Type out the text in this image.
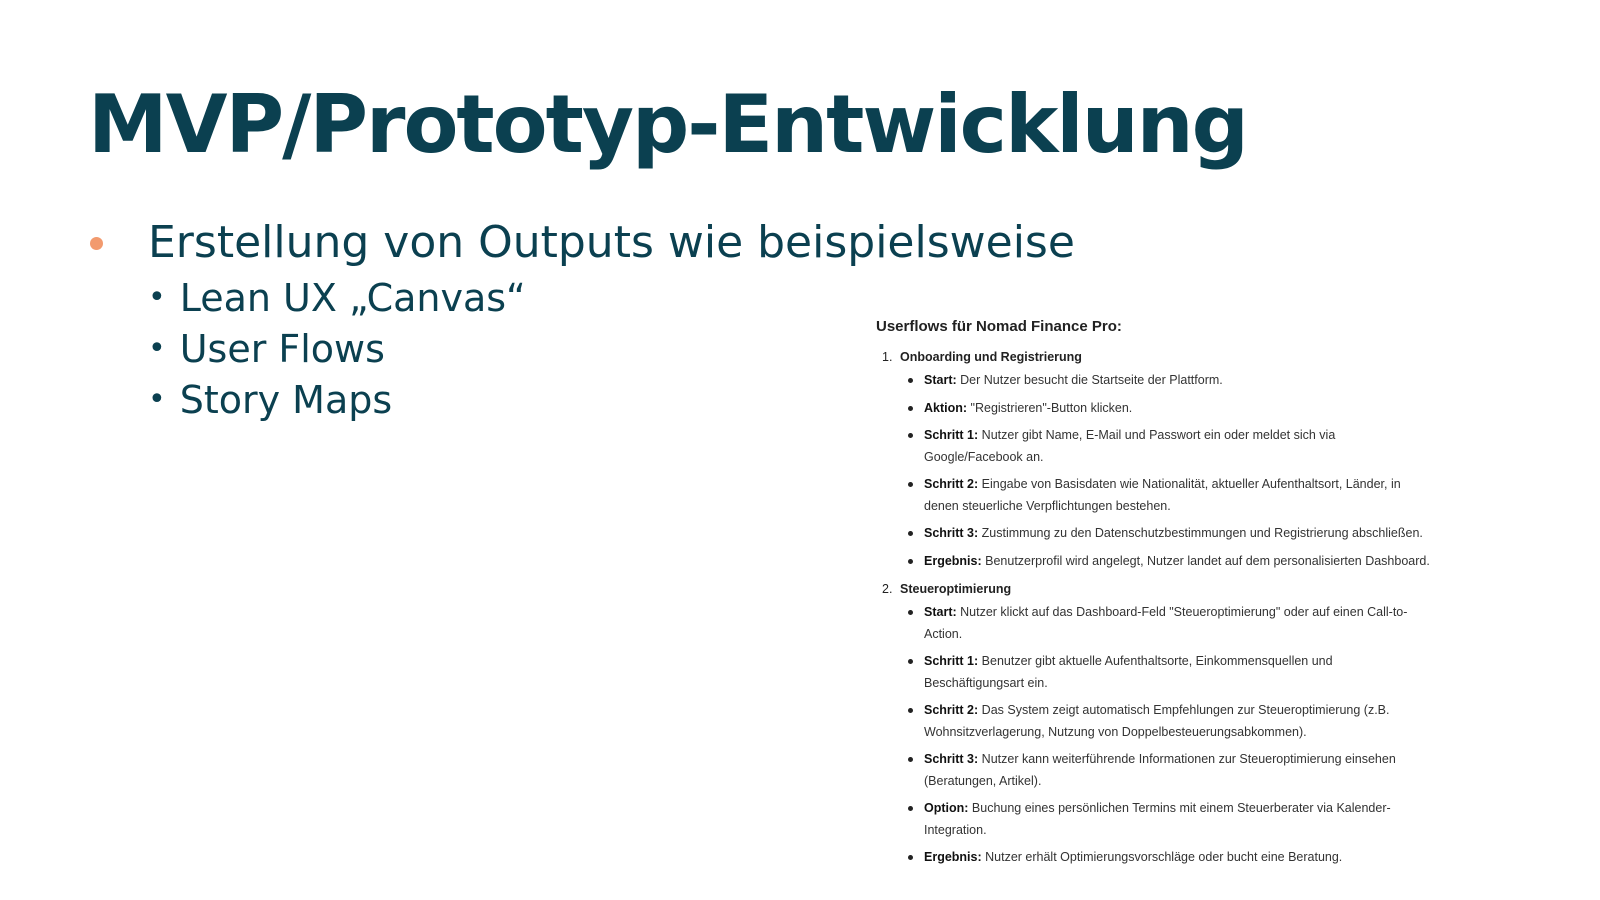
MVP/Prototyp-Entwicklung
Erstellung von Outputs wie beispielsweise
• Lean UX „Canvas“
• User Flows
• Story Maps
Userflows für Nomad Finance Pro:
1. Onboarding und Registrierung
Start: Der Nutzer besucht die Startseite der Plattform.
Aktion: "Registrieren"-Button klicken.
Schritt 1: Nutzer gibt Name, E-Mail und Passwort ein oder meldet sich via Google/Facebook an.
Schritt 2: Eingabe von Basisdaten wie Nationalität, aktueller Aufenthaltsort, Länder, in denen steuerliche Verpflichtungen bestehen.
Schritt 3: Zustimmung zu den Datenschutzbestimmungen und Registrierung abschließen.
Ergebnis: Benutzerprofil wird angelegt, Nutzer landet auf dem personalisierten Dashboard.
2. Steueroptimierung
Start: Nutzer klickt auf das Dashboard-Feld "Steueroptimierung" oder auf einen Call-to-Action.
Schritt 1: Benutzer gibt aktuelle Aufenthaltsorte, Einkommensquellen und Beschäftigungsart ein.
Schritt 2: Das System zeigt automatisch Empfehlungen zur Steueroptimierung (z.B. Wohnsitzverlagerung, Nutzung von Doppelbesteuerungsabkommen).
Schritt 3: Nutzer kann weiterführende Informationen zur Steueroptimierung einsehen (Beratungen, Artikel).
Option: Buchung eines persönlichen Termins mit einem Steuerberater via Kalender-Integration.
Ergebnis: Nutzer erhält Optimierungsvorschläge oder bucht eine Beratung.
